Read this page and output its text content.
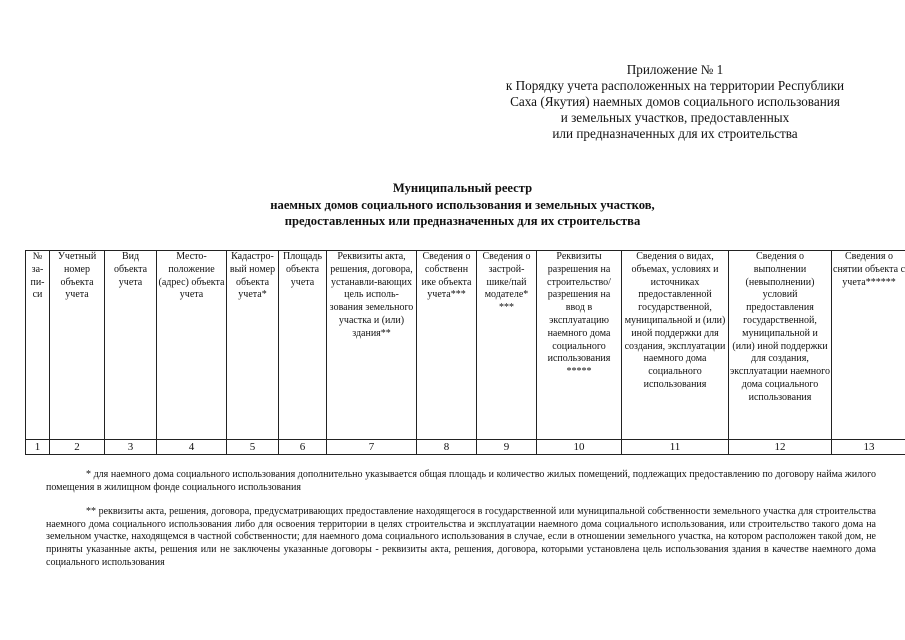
Приложение № 1
к Порядку учета расположенных на территории Республики
Саха (Якутия) наемных домов социального использования
и земельных участков, предоставленных
или предназначенных для их строительства
Муниципальный реестр
наемных домов социального использования и земельных участков,
предоставленных или предназначенных для их строительства
№ за-пи-си	Учетный номер объекта учета	Вид объекта учета	Место-положение (адрес) объекта учета	Кадастро-вый номер объекта учета*	Площадь объекта учета	Реквизиты акта, решения, договора, устанавли-вающих цель исполь-зования земельного участка и (или) здания**	Сведения о собственн ике объекта учета***	Сведения о застрой-шике/пай модателе* ***	Реквизиты разрешения на строительство/ разрешения на ввод в эксплуатацию наемного дома социального использования *****	Сведения о видах, объемах, условиях и источниках предоставленной государственной, муниципальной и (или) иной поддержки для создания, эксплуатации наемного дома социального использования	Сведения о выполнении (невыполнении) условий предоставления государственной, муниципальной и (или) иной поддержки для создания, эксплуатации наемного дома социального использования	Сведения о снятии объекта с учета******
1	2	3	4	5	6	7	8	9	10	11	12	13
* для наемного дома социального использования дополнительно указывается общая площадь и количество жилых помещений, подлежащих предоставлению по договору найма жилого помещения в жилищном фонде социального использования
** реквизиты акта, решения, договора, предусматривающих предоставление находящегося в государственной или муниципальной собственности земельного участка для строительства наемного дома социального использования либо для освоения территории в целях строительства и эксплуатации наемного дома социального использования, или строительство такого дома на земельном участке, находящемся в частной собственности; для наемного дома социального использования в случае, если в отношении земельного участка, на котором расположен такой дом, не приняты указанные акты, решения или не заключены указанные договоры - реквизиты акта, решения, договора, которыми установлена цель использования здания в качестве наемного дома социального использования
